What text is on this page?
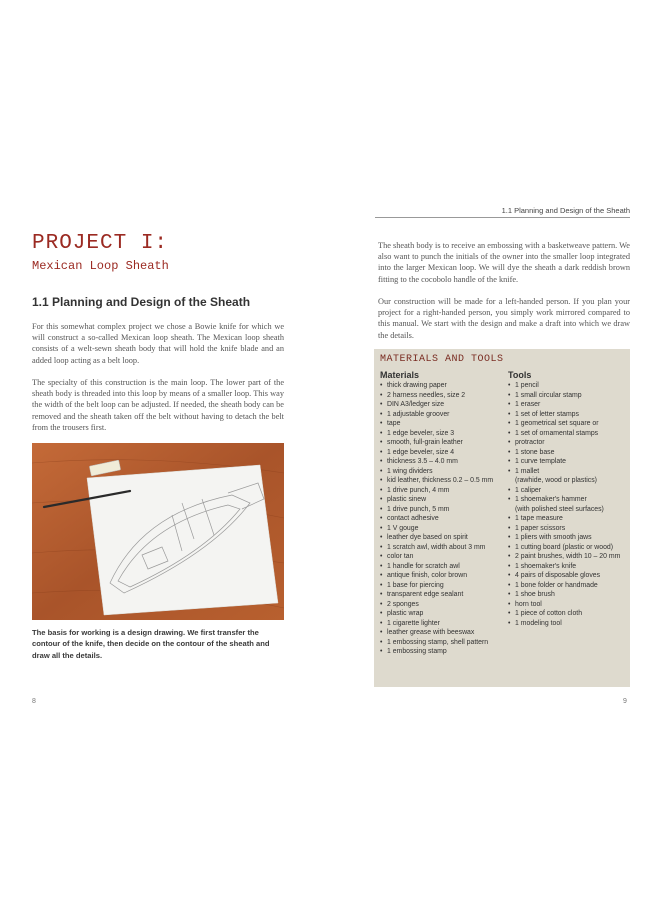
PROJECT I:
Mexican Loop Sheath
1.1 Planning and Design of the Sheath
For this somewhat complex project we chose a Bowie knife for which we will construct a so-called Mexican loop sheath. The Mexican loop sheath consists of a welt-sewn sheath body that will hold the knife blade and an added loop acting as a belt loop.
The specialty of this construction is the main loop. The lower part of the sheath body is threaded into this loop by means of a smaller loop. This way the width of the belt loop can be adjusted. If needed, the sheath body can be removed and the sheath taken off the belt without having to detach the belt from the trousers first.
The basis for working is a design drawing. We first transfer the contour of the knife, then decide on the contour of the sheath and draw all the details.
8
1.1 Planning and Design of the Sheath
The sheath body is to receive an embossing with a basketweave pattern. We also want to punch the initials of the owner into the smaller loop integrated into the larger Mexican loop. We will dye the sheath a dark reddish brown fitting to the cocobolo handle of the knife.
Our construction will be made for a left-handed person. If you plan your project for a right-handed person, you simply work mirrored compared to this manual. We start with the design and make a draft into which we draw the details.
MATERIALS AND TOOLS
Materials	Tools
• thick drawing paper
• 2 harness needles, size 2
• DIN A3/ledger size
• 1 adjustable groover
• tape
• 1 edge beveler, size 3
• smooth, full-grain leather
• 1 edge beveler, size 4
• thickness 3.5 – 4.0 mm
• 1 wing dividers
• kid leather, thickness 0.2 – 0.5 mm
• 1 drive punch, 4 mm
• plastic sinew
• 1 drive punch, 5 mm
• contact adhesive
• 1 V gouge
• leather dye based on spirit
• 1 scratch awl, width about 3 mm
• color tan
• 1 handle for scratch awl
• antique finish, color brown
• 1 base for piercing
• transparent edge sealant
• 2 sponges
• plastic wrap
• 1 cigarette lighter
• leather grease with beeswax
• 1 embossing stamp, shell pattern
• 1 embossing stamp
• 1 pencil
• 1 small circular stamp
• 1 eraser
• 1 set of letter stamps
• 1 geometrical set square or
• 1 set of ornamental stamps
• protractor
• 1 stone base
• 1 curve template
• 1 mallet
(rawhide, wood or plastics)
• 1 caliper
• 1 shoemaker's hammer
(with polished steel surfaces)
• 1 tape measure
• 1 paper scissors
• 1 pliers with smooth jaws
• 1 cutting board (plastic or wood)
• 2 paint brushes, width 10 – 20 mm
• 1 shoemaker's knife
• 4 pairs of disposable gloves
• 1 bone folder or handmade
• 1 shoe brush
• horn tool
• 1 piece of cotton cloth
• 1 modeling tool
9
